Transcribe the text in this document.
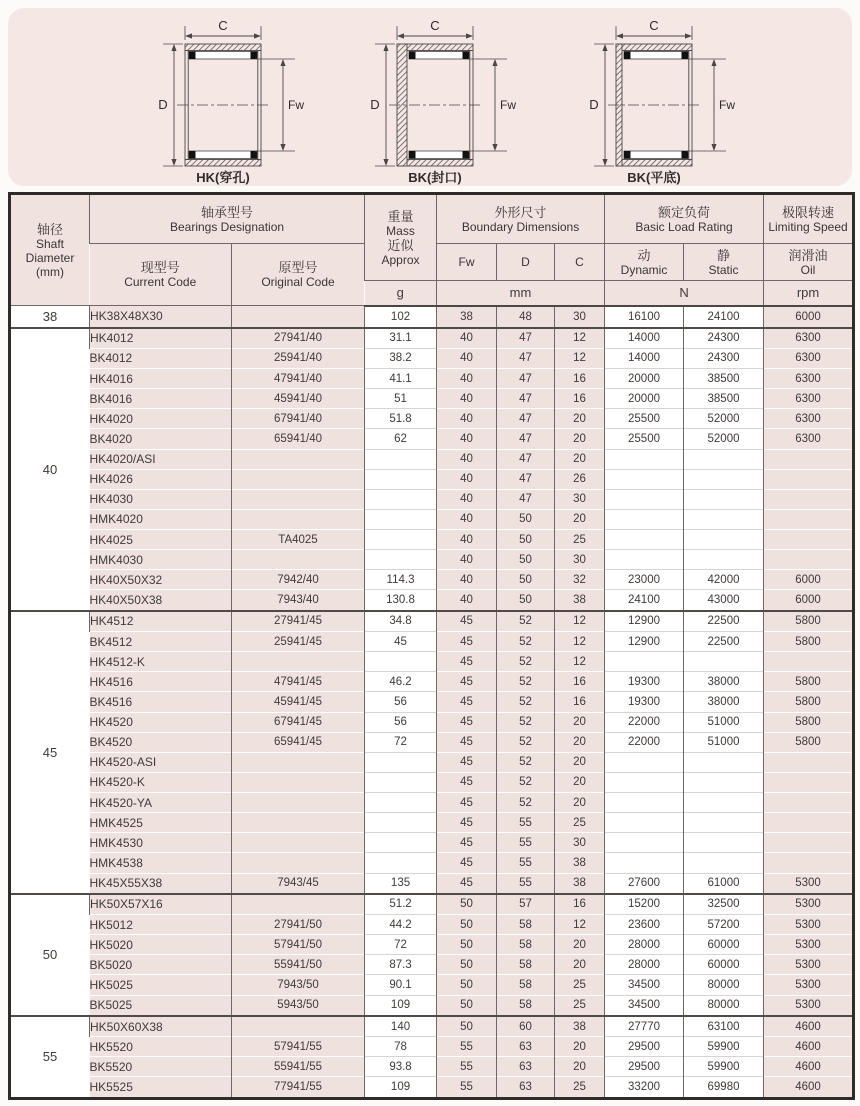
C
D	Fw
HK(穿孔)
C
D	Fw
BK(封口)
C
D	Fw
BK(平底)
轴径
Shaft
Diameter
(mm)	轴承型号
Bearings Designation		重量
Mass
近似
Approx	外形尺寸
Boundary Dimensions			额定负荷
Basic Load Rating		极限转速
Limiting Speed

	现型号
Current Code	原型号
Original Code		Fw	D	C	动
Dynamic	静
Static	润滑油
Oil

			g	mm			N		rpm
38	HK38X48X30		102	38	48	30	16100	24100	6000
40	HK4012	27941/40	31.1	40	47	12	14000	24300	6300
	BK4012	25941/40	38.2	40	47	12	14000	24300	6300
	HK4016	47941/40	41.1	40	47	16	20000	38500	6300
	BK4016	45941/40	51	40	47	16	20000	38500	6300
	HK4020	67941/40	51.8	40	47	20	25500	52000	6300
	BK4020	65941/40	62	40	47	20	25500	52000	6300
	HK4020/ASI			40	47	20			
	HK4026			40	47	26			
	HK4030			40	47	30			
	HMK4020			40	50	20			
	HK4025	TA4025		40	50	25			
	HMK4030			40	50	30			
	HK40X50X32	7942/40	114.3	40	50	32	23000	42000	6000
	HK40X50X38	7943/40	130.8	40	50	38	24100	43000	6000
45	HK4512	27941/45	34.8	45	52	12	12900	22500	5800
	BK4512	25941/45	45	45	52	12	12900	22500	5800
	HK4512-K			45	52	12			
	HK4516	47941/45	46.2	45	52	16	19300	38000	5800
	BK4516	45941/45	56	45	52	16	19300	38000	5800
	HK4520	67941/45	56	45	52	20	22000	51000	5800
	BK4520	65941/45	72	45	52	20	22000	51000	5800
	HK4520-ASI			45	52	20			
	HK4520-K			45	52	20			
	HK4520-YA			45	52	20			
	HMK4525			45	55	25			
	HMK4530			45	55	30			
	HMK4538			45	55	38			
	HK45X55X38	7943/45	135	45	55	38	27600	61000	5300
50	HK50X57X16		51.2	50	57	16	15200	32500	5300
	HK5012	27941/50	44.2	50	58	12	23600	57200	5300
	HK5020	57941/50	72	50	58	20	28000	60000	5300
	BK5020	55941/50	87.3	50	58	20	28000	60000	5300
	HK5025	7943/50	90.1	50	58	25	34500	80000	5300
	BK5025	5943/50	109	50	58	25	34500	80000	5300
55	HK50X60X38		140	50	60	38	27770	63100	4600
	HK5520	57941/55	78	55	63	20	29500	59900	4600
	BK5520	55941/55	93.8	55	63	20	29500	59900	4600
	HK5525	77941/55	109	55	63	25	33200	69980	4600
